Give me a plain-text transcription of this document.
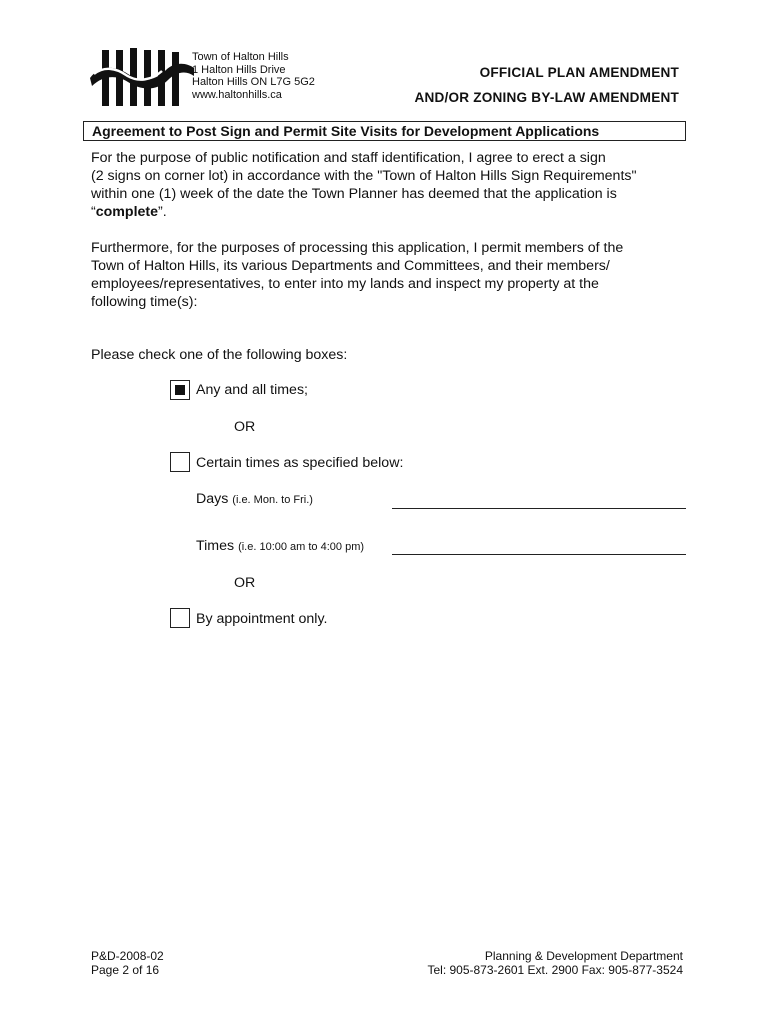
Town of Halton Hills
1 Halton Hills Drive
Halton Hills ON L7G 5G2
www.haltonhills.ca
OFFICIAL PLAN AMENDMENT
AND/OR ZONING BY-LAW AMENDMENT
Agreement to Post Sign and Permit Site Visits for Development Applications
For the purpose of public notification and staff identification, I agree to erect a sign
(2 signs on corner lot) in accordance with the "Town of Halton Hills Sign Requirements"
within one (1) week of the date the Town Planner has deemed that the application is
“complete”.
Furthermore, for the purposes of processing this application, I permit members of the
Town of Halton Hills, its various Departments and Committees, and their members/
employees/representatives, to enter into my lands and inspect my property at the
following time(s):
Please check one of the following boxes:
Any and all times;
OR
Certain times as specified below:
Days (i.e. Mon. to Fri.)
Times (i.e. 10:00 am to 4:00 pm)
OR
By appointment only.
P&D-2008-02
Page 2 of 16
Planning & Development Department
Tel: 905-873-2601 Ext. 2900 Fax: 905-877-3524
